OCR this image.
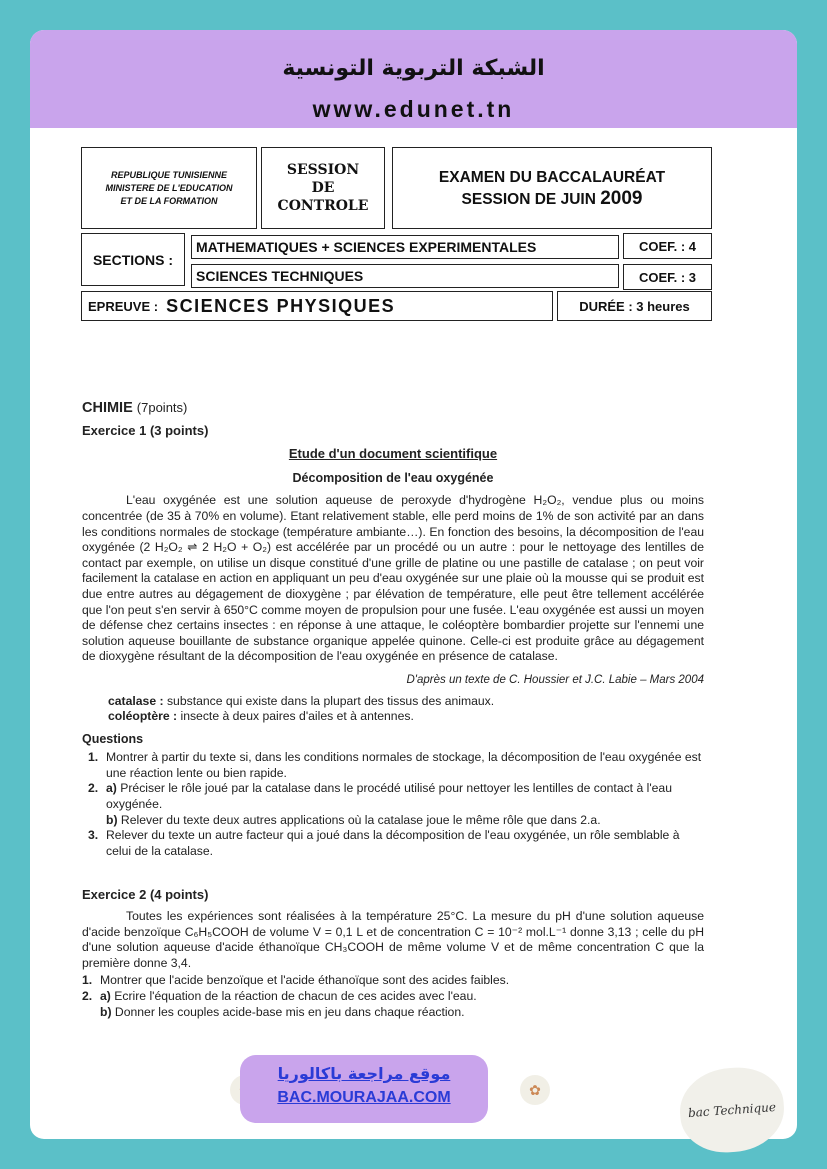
الشبكة التربوية التونسية
www.edunet.tn
REPUBLIQUE TUNISIENNE
MINISTERE DE L'EDUCATION
ET DE LA FORMATION
SESSION
DE
CONTROLE
EXAMEN DU BACCALAURÉAT
SESSION DE JUIN 2009
SECTIONS :
MATHEMATIQUES + SCIENCES EXPERIMENTALES	COEF. : 4
SCIENCES TECHNIQUES	COEF. : 3
EPREUVE : SCIENCES PHYSIQUES	DURÉE : 3 heures
CHIMIE (7points)
Exercice 1 (3 points)
Etude d'un document scientifique
Décomposition de l'eau oxygénée

L'eau oxygénée est une solution aqueuse de peroxyde d'hydrogène H₂O₂, vendue plus ou moins concentrée (de 35 à 70% en volume). Etant relativement stable, elle perd moins de 1% de son activité par an dans les conditions normales de stockage (température ambiante…). En fonction des besoins, la décomposition de l'eau oxygénée (2 H₂O₂ ⇌ 2 H₂O + O₂) est accélérée par un procédé ou un autre : pour le nettoyage des lentilles de contact par exemple, on utilise un disque constitué d'une grille de platine ou une pastille de catalase ; on peut voir facilement la catalase en action en appliquant un peu d'eau oxygénée sur une plaie où la mousse qui se produit est due entre autres au dégagement de dioxygène ; par élévation de température, elle peut être tellement accélérée que l'on peut s'en servir à 650°C comme moyen de propulsion pour une fusée. L'eau oxygénée est aussi un moyen de défense chez certains insectes : en réponse à une attaque, le coléoptère bombardier projette sur l'ennemi une solution aqueuse bouillante de substance organique appelée quinone. Celle-ci est produite grâce au dégagement de dioxygène résultant de la décomposition de l'eau oxygénée en présence de catalase.

D'après un texte de C. Houssier et J.C. Labie – Mars 2004
catalase : substance qui existe dans la plupart des tissus des animaux.
coléoptère : insecte à deux paires d'ailes et à antennes.
Questions
1. Montrer à partir du texte si, dans les conditions normales de stockage, la décomposition de l'eau oxygénée est une réaction lente ou bien rapide.
2. a) Préciser le rôle joué par la catalase dans le procédé utilisé pour nettoyer les lentilles de contact à l'eau oxygénée.
b) Relever du texte deux autres applications où la catalase joue le même rôle que dans 2.a.
3. Relever du texte un autre facteur qui a joué dans la décomposition de l'eau oxygénée, un rôle semblable à celui de la catalase.
Exercice 2 (4 points)

Toutes les expériences sont réalisées à la température 25°C. La mesure du pH d'une solution aqueuse d'acide benzoïque C₆H₅COOH de volume V = 0,1 L et de concentration C = 10⁻² mol.L⁻¹ donne 3,13 ; celle du pH d'une solution aqueuse d'acide éthanoïque CH₃COOH de même volume V et de même concentration C que la première donne 3,4.

1. Montrer que l'acide benzoïque et l'acide éthanoïque sont des acides faibles.
2. a) Ecrire l'équation de la réaction de chacun de ces acides avec l'eau.
b) Donner les couples acide-base mis en jeu dans chaque réaction.
موقع مراجعة باكالوريا
BAC.MOURAJAA.COM	✿
bac Technique
